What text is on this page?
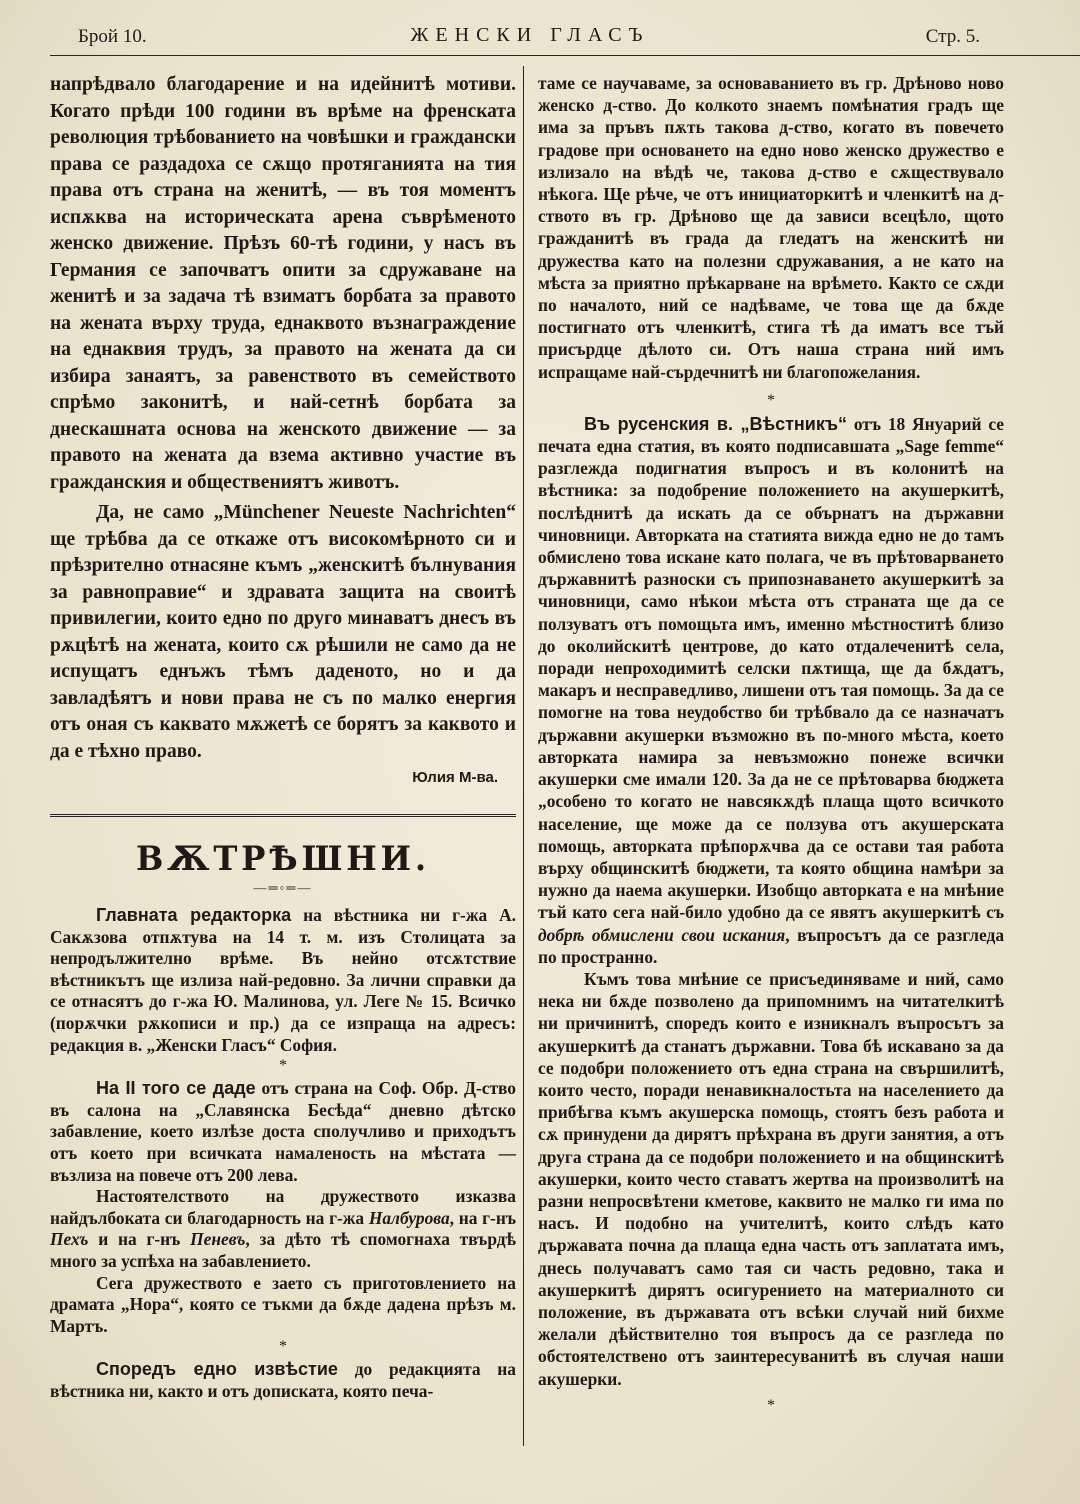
Брой 10.	ЖЕНСКИ ГЛАСЪ	Стр. 5.

напрѣдвало благодарение и на идейнитѣ мотиви. Когато прѣди 100 години въ врѣме на френската революция трѣбованието на човѣшки и граждански права се раздадоха се сѫщо протяганията на тия права отъ страна на женитѣ, — въ тоя моментъ испѫква на историческата арена съврѣменото женско движение. Прѣзъ 60-тѣ години, у насъ въ Германия се започватъ опити за сдружаване на женитѣ и за задача тѣ взиматъ борбата за правото на жената върху труда, еднаквото възнаграждение на еднаквия трудъ, за правото на жената да си избира занаятъ, за равенството въ семейството спрѣмо законитѣ, и най-сетнѣ борбата за днескашната основа на женското движение — за правото на жената да взема активно участие въ гражданския и обществениятъ животъ.

Да, не само „Münchener Neueste Nachrichten“ ще трѣбва да се откаже отъ високомѣрното си и прѣзрително отнасяне къмъ „женскитѣ бълнувания за равноправие“ и здравата защита на своитѣ привилегии, които едно по друго минаватъ днесъ въ рѫцѣтѣ на жената, които сѫ рѣшили не само да не испущатъ еднъжъ тѣмъ даденото, но и да завладѣятъ и нови права не съ по малко енергия отъ оная съ каквато мѫжетѣ се борятъ за каквото и да е тѣхно право.

Юлия М-ва.
ВѪТРѢШНИ.
—═◦═—

Главната редакторка на вѣстника ни г-жа А. Сакѫзова отпѫтува на 14 т. м. изъ Столицата за непродължително врѣме. Въ нейно отсѫтствие вѣстникътъ ще излиза най-редовно. За лични справки да се отнасятъ до г-жа Ю. Малинова, ул. Леге № 15. Всичко (порѫчки рѫкописи и пр.) да се изпраща на адресъ: редакция в. „Женски Гласъ“ София.

*

На II того се даде отъ страна на Соф. Обр. Д-ство въ салона на „Славянска Бесѣда“ дневно дѣтско забавление, което излѣзе доста сполучливо и приходътъ отъ което при всичката намаленость на мѣстата — възлиза на повече отъ 200 лева.

Настоятелството на дружеството изказва найдълбоката си благодарность на г-жа Налбурова, на г-нъ Пехъ и на г-нъ Пеневъ, за дѣто тѣ спомогнаха твърдѣ много за успѣха на забавлението.

Сега дружеството е заето съ приготовлението на драмата „Нора“, която се тъкми да бѫде дадена прѣзъ м. Мартъ.

*

Споредъ едно извѣстие до редакцията на вѣстника ни, както и отъ дописката, която печа-

таме се научаваме, за основаванието въ гр. Дрѣново ново женско д-ство. До колкото знаемъ помѣнатия градъ ще има за пръвъ пѫть такова д-ство, когато въ повечето градове при основането на едно ново женско дружество е излизало на вѣдѣ че, такова д-ство е сѫществувало нѣкога. Ще рѣче, че отъ инициаторкитѣ и членкитѣ на д-ството въ гр. Дрѣново ще да зависи всецѣло, щото гражданитѣ въ града да гледатъ на женскитѣ ни дружества като на полезни сдружавания, а не като на мѣста за приятно прѣкарване на врѣмето. Както се сѫди по началото, ний се надѣваме, че това ще да бѫде постигнато отъ членкитѣ, стига тѣ да иматъ все тъй присърдце дѣлото си. Отъ наша страна ний имъ испращаме най-сърдечнитѣ ни благопожелания.

*

Въ русенския в. „Вѣстникъ“ отъ 18 Януарий се печата една статия, въ която подписавшата „Sage femme“ разглежда подигнатия въпросъ и въ колонитѣ на вѣстника: за подобрение положението на акушеркитѣ, послѣднитѣ да искать да се обърнатъ на държавни чиновници. Авторката на статията вижда едно не до тамъ обмислено това искане като полага, че въ прѣтоварването държавнитѣ разноски съ припознаването акушеркитѣ за чиновници, само нѣкои мѣста отъ страната ще да се ползуватъ отъ помощьта имъ, именно мѣстноститѣ близо до околийскитѣ центрове, до като отдалеченитѣ села, поради непроходимитѣ селски пѫтища, ще да бѫдатъ, макаръ и несправедливо, лишени отъ тая помощь. За да се помогне на това неудобство би трѣбвало да се назначатъ държавни акушерки възможно въ по-много мѣста, което авторката намира за невъзможно понеже всички акушерки сме имали 120. За да не се прѣтоварва бюджета „особено то когато не навсякѫдѣ плаща щото всичкото население, ще може да се ползува отъ акушерската помощь, авторката прѣпорѫчва да се остави тая работа върху общинскитѣ бюджети, та която община намѣри за нужно да наема акушерки. Изобщо авторката е на мнѣние тъй като сега най-било удобно да се явятъ акушеркитѣ съ добрѣ обмислени свои искания, въпросътъ да се разгледа по пространно.

Къмъ това мнѣние се присъединяваме и ний, само нека ни бѫде позволено да припомнимъ на читателкитѣ ни причинитѣ, споредъ които е изникналъ въпросътъ за акушеркитѣ да станатъ държавни. Това бѣ искавано за да се подобри положението отъ една страна на свършилитѣ, които често, поради ненавикналостьта на населението да прибѣгва къмъ акушерска помощь, стоятъ безъ работа и сѫ принудени да дирятъ прѣхрана въ други занятия, а отъ друга страна да се подобри положението и на общинскитѣ акушерки, които често ставатъ жертва на произволитѣ на разни непросвѣтени кметове, каквито не малко ги има по насъ. И подобно на учителитѣ, които слѣдъ като държавата почна да плаща една часть отъ заплатата имъ, днесь получаватъ само тая си часть редовно, така и акушеркитѣ дирятъ осигурението на материалното си положение, въ държавата отъ всѣки случай ний бихме желали дѣйствително тоя въпросъ да се разгледа по обстоятелствено отъ заинтересуванитѣ въ случая наши акушерки.

*
